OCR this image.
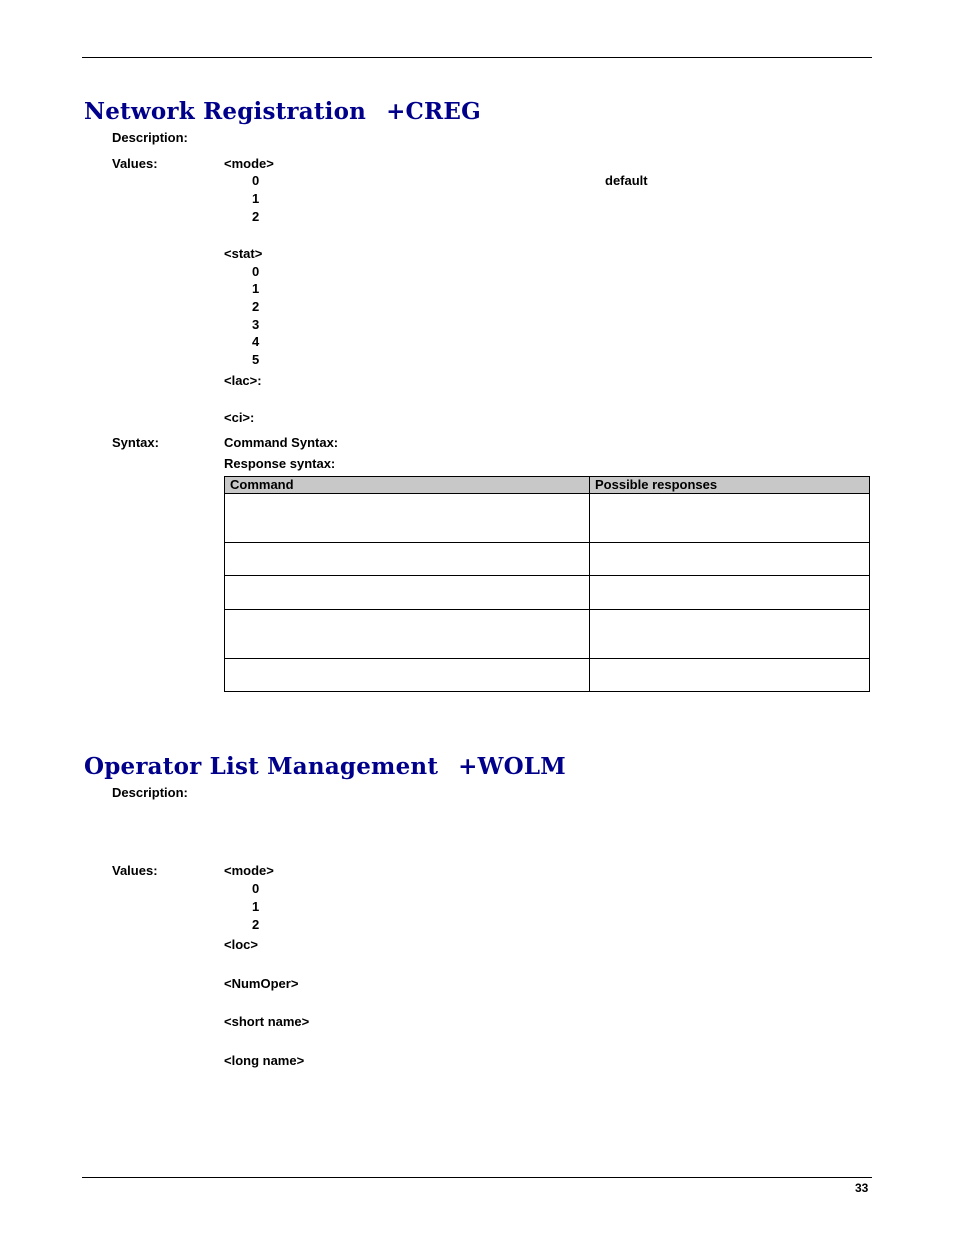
Network Registration +CREG
Description:
Values:	<mode>
0	default
1
2
<stat>
0
1
2
3
4
5
<lac>:
<ci>:
Syntax:	Command Syntax:
Response syntax:
Command	Possible responses

Operator List Management +WOLM
Description:
Values:	<mode>
0
1
2
<loc>
<NumOper>
<short name>
<long name>
33
